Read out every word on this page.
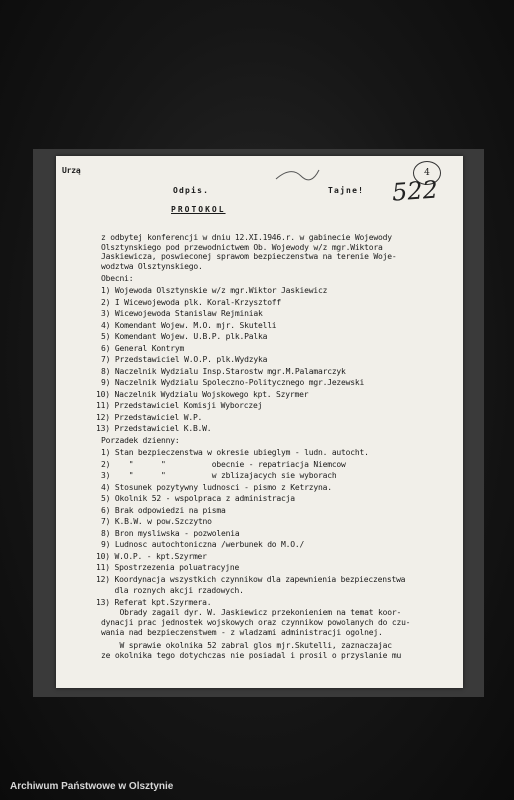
Urzą
Odpis.	Tajne!
4
522
PROTOKOL
z odbytej konferencji w dniu 12.XI.1946.r. w gabinecie Wojewody
Olsztynskiego pod przewodnictwem Ob. Wojewody w/z mgr.Wiktora
Jaskiewicza, poswieconej sprawom bezpieczenstwa na terenie Woje-
wodztwa Olsztynskiego.
Obecni:
1) Wojewoda Olsztynskie w/z mgr.Wiktor Jaskiewicz
2) I Wicewojewoda plk. Koral-Krzysztoff
3) Wicewojewoda Stanislaw Rejminiak
4) Komendant Wojew. M.O. mjr. Skutelli
5) Komendant Wojew. U.B.P. plk.Palka
6) General Kontrym
7) Przedstawiciel W.O.P. plk.Wydzyka
8) Naczelnik Wydzialu Insp.Starostw mgr.M.Palamarczyk
9) Naczelnik Wydzialu Spoleczno-Politycznego mgr.Jezewski
10) Naczelnik Wydzialu Wojskowego kpt. Szyrmer
11) Przedstawiciel Komisji Wyborczej
12) Przedstawiciel W.P.
13) Przedstawiciel K.B.W.
Porzadek dzienny:
1) Stan bezpieczenstwa w okresie ubieglym - ludn. autocht.
2)    "      "          obecnie - repatriacja Niemcow
3)    "      "          w zblizajacych sie wyborach
4) Stosunek pozytywny ludnosci - pismo z Ketrzyna.
5) Okolnik 52 - wspolpraca z administracja
6) Brak odpowiedzi na pisma
7) K.B.W. w pow.Szczytno
8) Bron mysliwska - pozwolenia
9) Ludnosc autochtoniczna /werbunek do M.O./
10) W.O.P. - kpt.Szyrmer
11) Spostrzezenia poluatracyjne
12) Koordynacja wszystkich czynnikow dla zapewnienia bezpieczenstwa
dla roznych akcji rzadowych.
13) Referat kpt.Szyrmera.
Obrady zagail dyr. W. Jaskiewicz przekonieniem na temat koor-
dynacji prac jednostek wojskowych oraz czynnikow powolanych do czu-
wania nad bezpieczenstwem - z wladzami administracji ogolnej.
W sprawie okolnika 52 zabral glos mjr.Skutelli, zaznaczajac
ze okolnika tego dotychczas nie posiadal i prosil o przyslanie mu
Archiwum Państwowe w Olsztynie
